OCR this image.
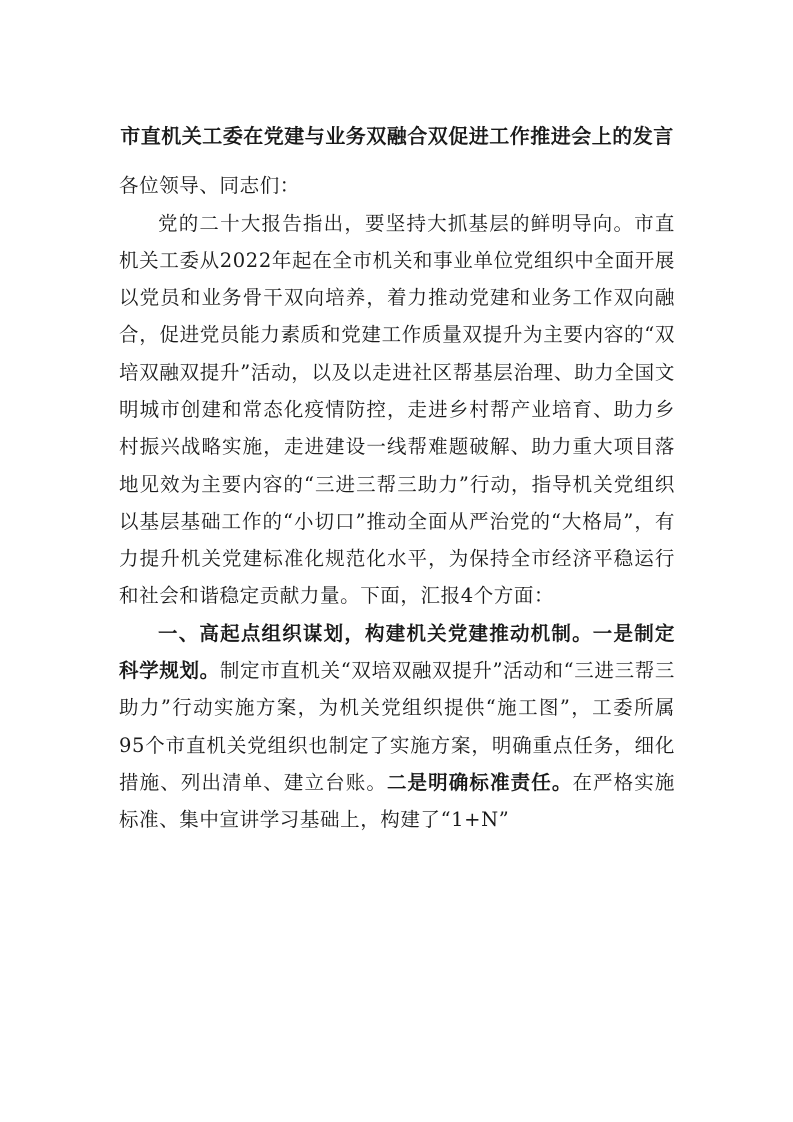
市直机关工委在党建与业务双融合双促进工作推进会上的发言

各位领导、同志们：

党的二十大报告指出，要坚持大抓基层的鲜明导向。市直机关工委从2022年起在全市机关和事业单位党组织中全面开展以党员和业务骨干双向培养，着力推动党建和业务工作双向融合，促进党员能力素质和党建工作质量双提升为主要内容的“双培双融双提升”活动，以及以走进社区帮基层治理、助力全国文明城市创建和常态化疫情防控，走进乡村帮产业培育、助力乡村振兴战略实施，走进建设一线帮难题破解、助力重大项目落地见效为主要内容的“三进三帮三助力”行动，指导机关党组织以基层基础工作的“小切口”推动全面从严治党的“大格局”，有力提升机关党建标准化规范化水平，为保持全市经济平稳运行和社会和谐稳定贡献力量。下面，汇报4个方面：

一、高起点组织谋划，构建机关党建推动机制。一是制定科学规划。制定市直机关“双培双融双提升”活动和“三进三帮三助力”行动实施方案，为机关党组织提供“施工图”，工委所属95个市直机关党组织也制定了实施方案，明确重点任务，细化措施、列出清单、建立台账。二是明确标准责任。在严格实施标准、集中宣讲学习基础上，构建了“1+N”
